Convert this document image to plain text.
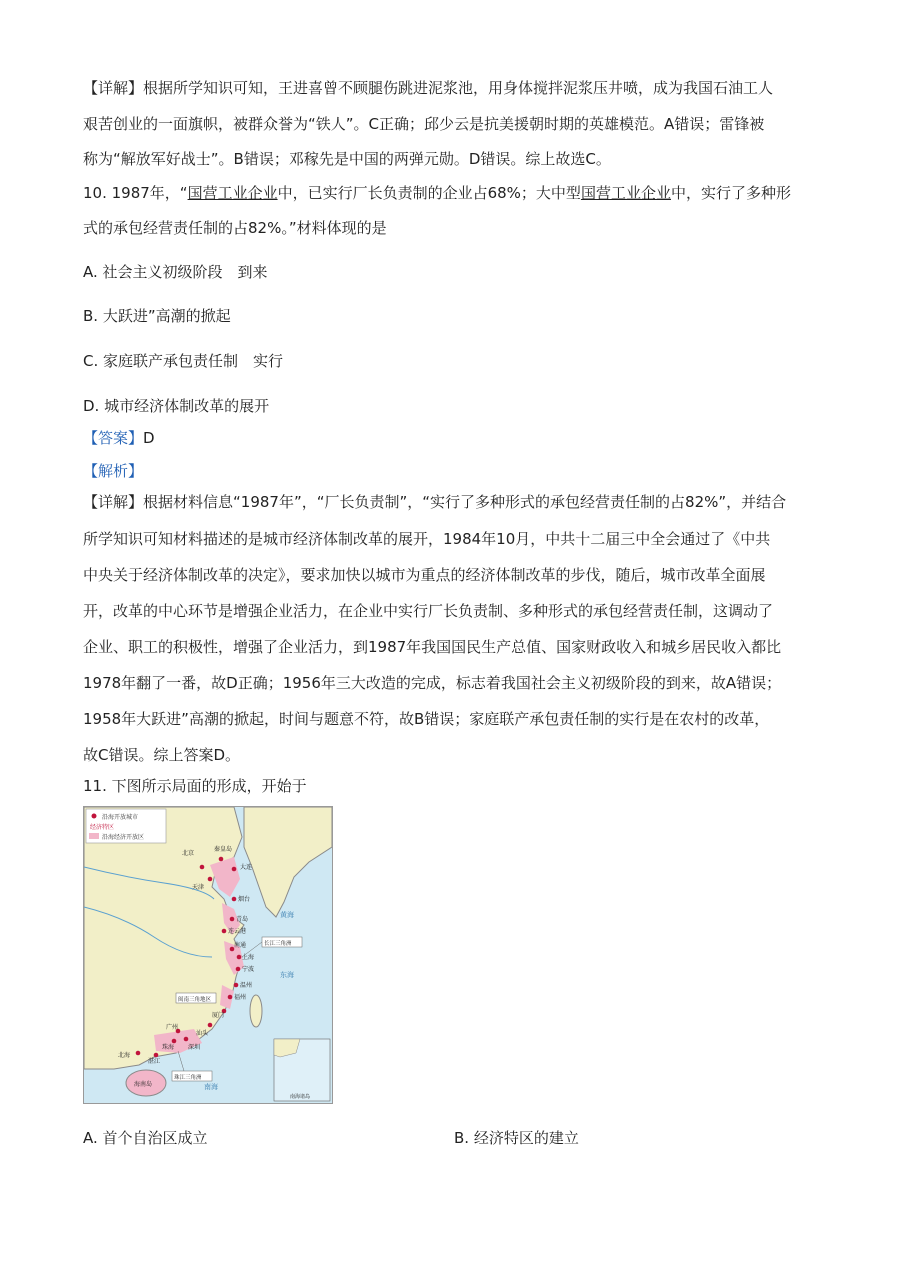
【详解】根据所学知识可知，王进喜曾不顾腿伤跳进泥浆池，用身体搅拌泥浆压井喷，成为我国石油工人
艰苦创业的一面旗帜，被群众誉为“铁人”。C正确；邱少云是抗美援朝时期的英雄模范。A错误；雷锋被
称为“解放军好战士”。B错误；邓稼先是中国的两弹元勋。D错误。综上故选C。
10. 1987年，“国营工业企业中，已实行厂长负责制的企业占68%；大中型国营工业企业中，实行了多种形
式的承包经营责任制的占82%。”材料体现的是
A. 社会主义初级阶段　到来
B. 大跃进”高潮的掀起
C. 家庭联产承包责任制　实行
D. 城市经济体制改革的展开
【答案】D
【解析】
【详解】根据材料信息“1987年”，“厂长负责制”，“实行了多种形式的承包经营责任制的占82%”，并结合
所学知识可知材料描述的是城市经济体制改革的展开，1984年10月，中共十二届三中全会通过了《中共
中央关于经济体制改革的决定》，要求加快以城市为重点的经济体制改革的步伐，随后，城市改革全面展
开，改革的中心环节是增强企业活力，在企业中实行厂长负责制、多种形式的承包经营责任制，这调动了
企业、职工的积极性，增强了企业活力，到1987年我国国民生产总值、国家财政收入和城乡居民收入都比
1978年翻了一番，故D正确；1956年三大改造的完成，标志着我国社会主义初级阶段的到来，故A错误；
1958年大跃进”高潮的掀起，时间与题意不符，故B错误；家庭联产承包责任制的实行是在农村的改革，
故C错误。综上答案D。
11. 下图所示局面的形成，开始于
沿海开放城市
经济特区
沿海经济开放区
北京
天津
秦皇岛
大连
烟台
青岛
连云港
南通
上海
宁波
温州
福州
厦门
汕头
深圳
珠海
广州
湛江
北海
海南岛
长江三角洲
闽南三角地区
珠江三角洲
黄海
东海
南海
南海诸岛
A. 首个自治区成立	B. 经济特区的建立
